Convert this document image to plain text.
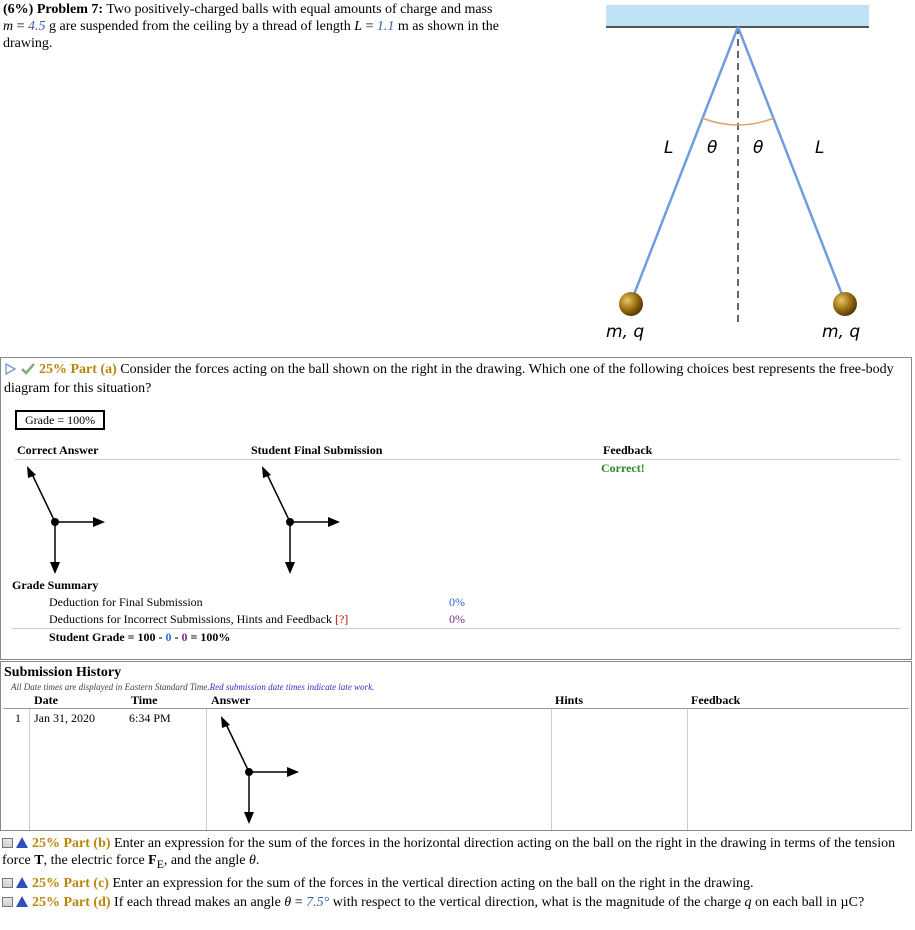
(6%) Problem 7: Two positively-charged balls with equal amounts of charge and mass
m = 4.5 g are suspended from the ceiling by a thread of length L = 1.1 m as shown in the drawing.
L	L
θ θ
m, q	m, q
25% Part (a) Consider the forces acting on the ball shown on the right in the drawing. Which one of the following choices best represents the free-body diagram for this situation?
Grade = 100%
Correct Answer	Student Final Submission	Feedback
Correct!
Grade Summary
Deduction for Final Submission	0%
Deductions for Incorrect Submissions, Hints and Feedback [?]	0%
Student Grade = 100 - 0 - 0 = 100%
Submission History
All Date times are displayed in Eastern Standard Time.Red submission date times indicate late work.
Date	Time	Answer	Hints	Feedback
1 Jan 31, 2020	6:34 PM
25% Part (b) Enter an expression for the sum of the forces in the horizontal direction acting on the ball on the right in the drawing in terms of the tension force T, the electric force $F_E$, and the angle θ.
25% Part (c) Enter an expression for the sum of the forces in the vertical direction acting on the ball on the right in the drawing.
25% Part (d) If each thread makes an angle θ = 7.5° with respect to the vertical direction, what is the magnitude of the charge q on each ball in µC?
